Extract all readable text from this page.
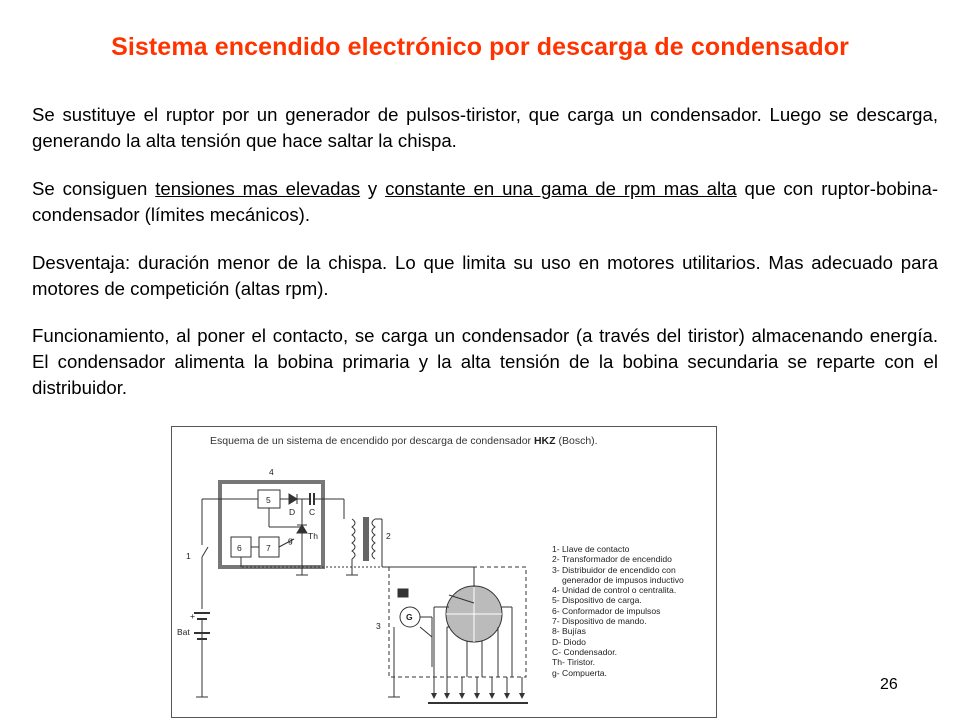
Sistema encendido electrónico por descarga de condensador
Se sustituye el ruptor por un generador de pulsos-tiristor, que carga un condensador. Luego se descarga, generando la alta tensión que hace saltar la chispa.
Se consiguen tensiones mas elevadas y constante en una gama de rpm mas alta que con ruptor-bobina-condensador (límites mecánicos).
Desventaja: duración menor de la chispa. Lo que limita su uso en motores utilitarios. Mas adecuado para motores de competición (altas rpm).
Funcionamiento, al poner el contacto, se carga un condensador (a través del tiristor) almacenando energía. El condensador alimenta la bobina primaria y la alta tensión de la bobina secundaria se reparte con el distribuidor.
Esquema de un sistema de encendido por descarga de condensador HKZ (Bosch).
4
5
6	7
D C
Th
g
1
+
Bat
2
3
G
1- Llave de contacto
2- Transformador de encendido
3- Distribuidor de encendido con
generador de impusos inductivo
4- Unidad de control o centralita.
5- Dispositivo de carga.
6- Conformador de impulsos
7- Dispositivo de mando.
8- Bujías
D- Diodo
C- Condensador.
Th- Tiristor.
g- Compuerta.
26
